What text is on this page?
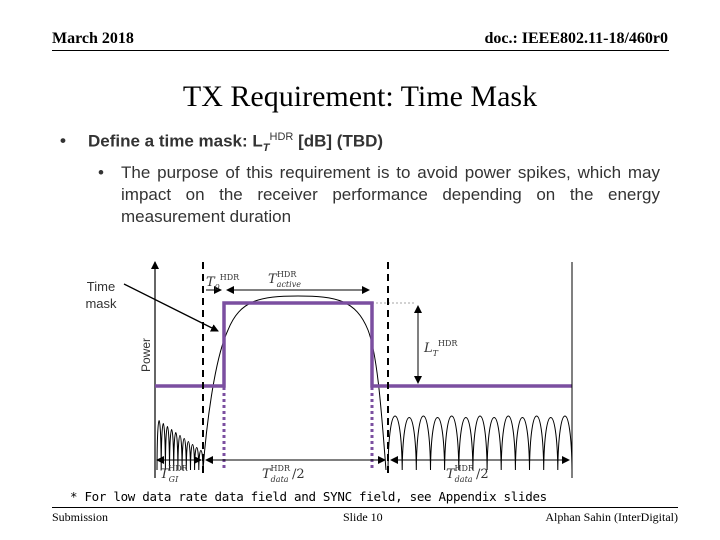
March 2018	doc.: IEEE802.11-18/460r0
TX Requirement: Time Mask
• Define a time mask: $L_T^{HDR}$ [dB] (TBD)
• The purpose of this requirement is to avoid power spikes, which may impact on the receiver performance depending on the energy measurement duration
$T_0^{HDR}$ $T_{active}HDR$
$L_T^{HDR}$
$T_{GI}HDR$	$T_{data}HDR$ /2	$T_{data}HDR$ /2
Time mask
Power
* For low data rate data field and SYNC field, see Appendix slides
Submission	Slide 10	Alphan Sahin (InterDigital)
